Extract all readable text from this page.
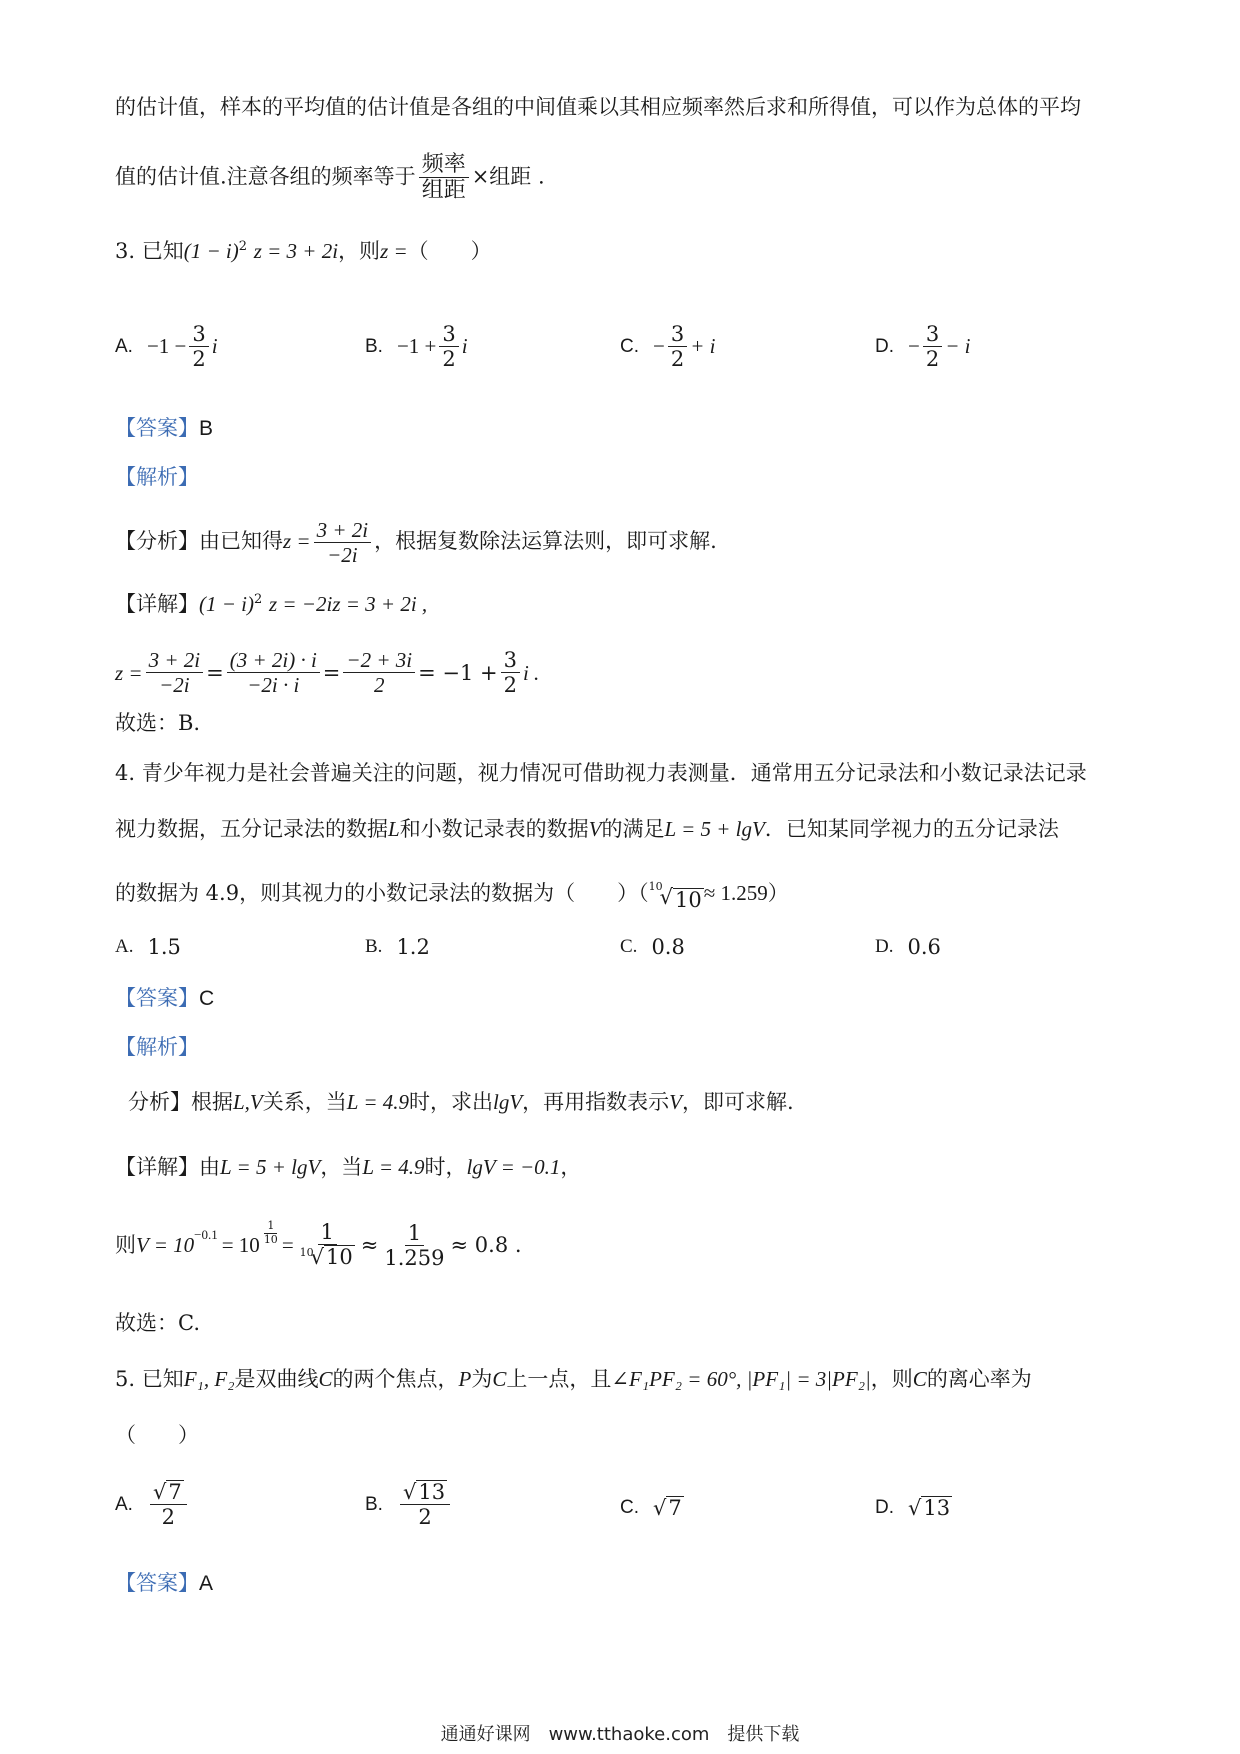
的估计值，样本的平均值的估计值是各组的中间值乘以其相应频率然后求和所得值，可以作为总体的平均
值的估计值.注意各组的频率等于 $\frac{\text{频率}}{\text{组距}}$ ×组距 .
3. 已知$(1 - i)^2$ z = 3 + 2i，则z =（　　）
A. $-1 - \frac{3}{2}$ i	B. $-1 + \frac{3}{2}$ i	C. − $\frac{3}{2} + i$	D. − $\frac{3}{2} - i$
【答案】B
【解析】
【分析】由已知得$z = \frac{3 + 2i}{-2i}$ ，根据复数除法运算法则，即可求解.
【详解】$(1 - i)^2$ z = −2iz = 3 + 2i ,
$z = \frac{3 + 2i}{-2i} = \frac{(3 + 2i) \cdot i}{-2i \cdot i} = \frac{-2 + 3i}{2} = -1 + \frac{3}{2}$ i .
故选：B.
4. 青少年视力是社会普遍关注的问题，视力情况可借助视力表测量．通常用五分记录法和小数记录法记录
视力数据，五分记录法的数据L和小数记录表的数据V的满足L = 5 + lgV．已知某同学视力的五分记录法
的数据为 4.9，则其视力的小数记录法的数据为（　　）（ 10
√ 10 ≈ 1.259）
A. 1.5	B. 1.2	C. 0.8	D. 0.6
【答案】C
【解析】
分析】根据L,V关系，当L = 4.9时，求出lgV，再用指数表示V，即可求解.
【详解】由L = 5 + lgV，当L = 4.9时，lgV = −0.1，
则 $V = 10 -0.1 = 10 \frac{1}{10} = 1$
10
√ $10 \approx \frac{1}{1.259} \approx 0.8$ .
故选：C.
5. 已知F₁, F₂是双曲线C的两个焦点，P为C上一点，且∠F₁PF₂ = 60°, |PF₁| = 3|PF₂|，则C的离心率为
（　　）
A. $\frac{√ 7}{2}$	B. $\frac{√ 13}{2}$	C. √ 7	D. √ 13
【答案】A
通通好课网　www.tthaoke.com　提供下载
